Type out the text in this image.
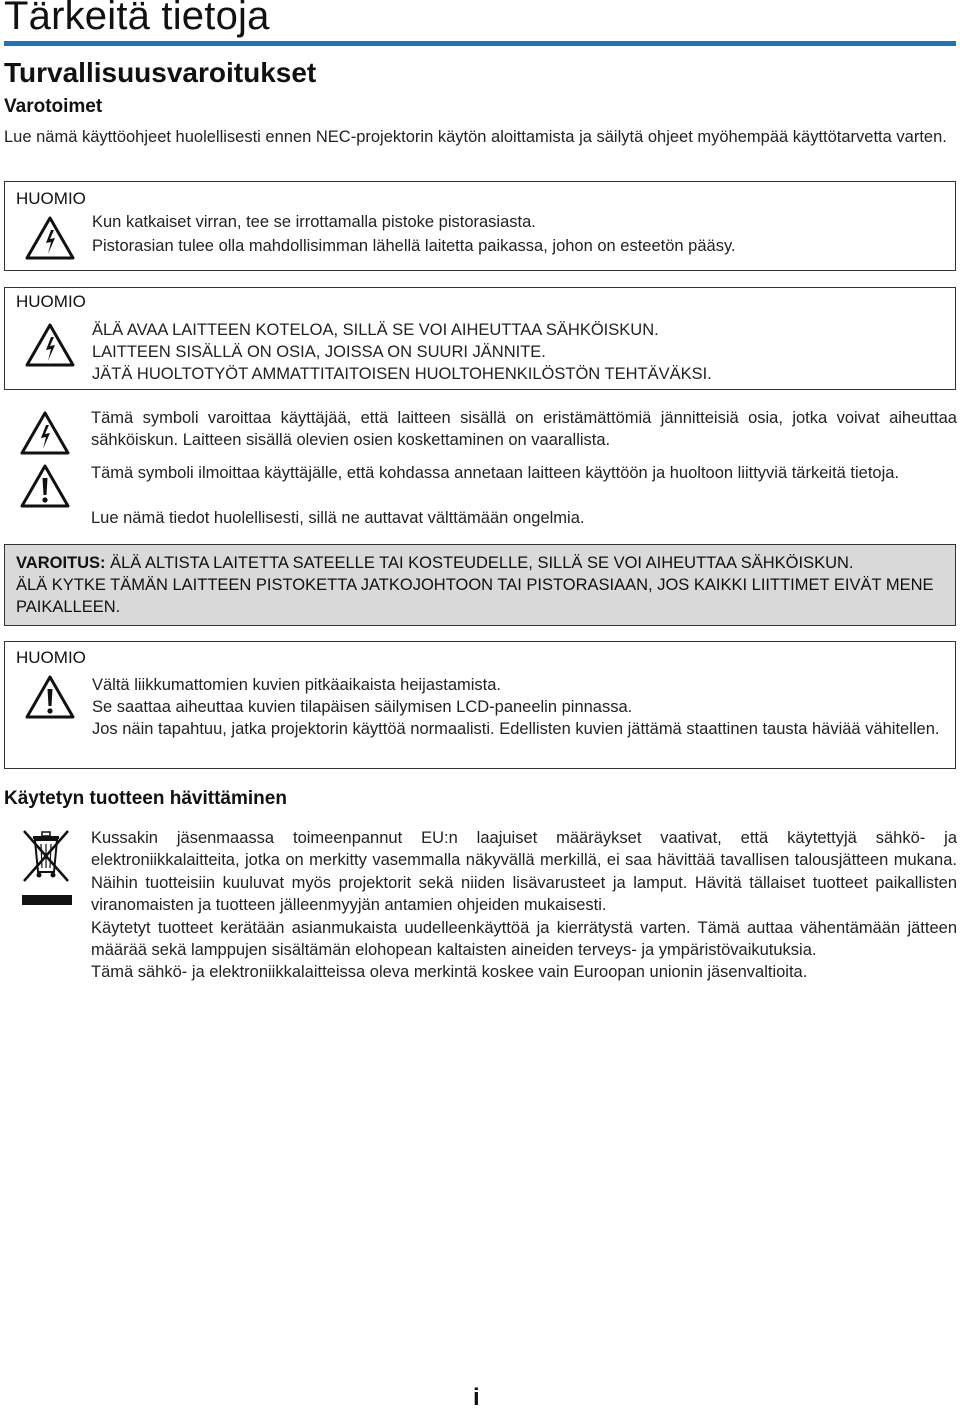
Tärkeitä tietoja
Turvallisuusvaroitukset
Varotoimet
Lue nämä käyttöohjeet huolellisesti ennen NEC-projektorin käytön aloittamista ja säilytä ohjeet myöhempää käyttötarvetta varten.
HUOMIO
Kun katkaiset virran, tee se irrottamalla pistoke pistorasiasta.
Pistorasian tulee olla mahdollisimman lähellä laitetta paikassa, johon on esteetön pääsy.
HUOMIO
ÄLÄ AVAA LAITTEEN KOTELOA, SILLÄ SE VOI AIHEUTTAA SÄHKÖISKUN.
LAITTEEN SISÄLLÄ ON OSIA, JOISSA ON SUURI JÄNNITE.
JÄTÄ HUOLTOTYÖT AMMATTITAITOISEN HUOLTOHENKILÖSTÖN TEHTÄVÄKSI.
Tämä symboli varoittaa käyttäjää, että laitteen sisällä on eristämättömiä jännitteisiä osia, jotka voivat aiheuttaa sähköiskun. Laitteen sisällä olevien osien koskettaminen on vaarallista.
Tämä symboli ilmoittaa käyttäjälle, että kohdassa annetaan laitteen käyttöön ja huoltoon liittyviä tärkeitä tietoja.
Lue nämä tiedot huolellisesti, sillä ne auttavat välttämään ongelmia.
VAROITUS: ÄLÄ ALTISTA LAITETTA SATEELLE TAI KOSTEUDELLE, SILLÄ SE VOI AIHEUTTAA SÄHKÖISKUN.
ÄLÄ KYTKE TÄMÄN LAITTEEN PISTOKETTA JATKOJOHTOON TAI PISTORASIAAN, JOS KAIKKI LIITTIMET EIVÄT MENE PAIKALLEEN.
HUOMIO
Vältä liikkumattomien kuvien pitkäaikaista heijastamista.
Se saattaa aiheuttaa kuvien tilapäisen säilymisen LCD-paneelin pinnassa.
Jos näin tapahtuu, jatka projektorin käyttöä normaalisti. Edellisten kuvien jättämä staattinen tausta häviää vähitellen.
Käytetyn tuotteen hävittäminen

Kussakin jäsenmaassa toimeenpannut EU:n laajuiset määräykset vaativat, että käytettyjä sähkö- ja elektroniikkalaitteita, jotka on merkitty vasemmalla näkyvällä merkillä, ei saa hävittää tavallisen talousjätteen mukana. Näihin tuotteisiin kuuluvat myös projektorit sekä niiden lisävarusteet ja lamput. Hävitä tällaiset tuotteet paikallisten viranomaisten ja tuotteen jälleenmyyjän antamien ohjeiden mukaisesti.

Käytetyt tuotteet kerätään asianmukaista uudelleenkäyttöä ja kierrätystä varten. Tämä auttaa vähentämään jätteen määrää sekä lamppujen sisältämän elohopean kaltaisten aineiden terveys- ja ympäristövaikutuksia.

Tämä sähkö- ja elektroniikkalaitteissa oleva merkintä koskee vain Euroopan unionin jäsenvaltioita.

i
